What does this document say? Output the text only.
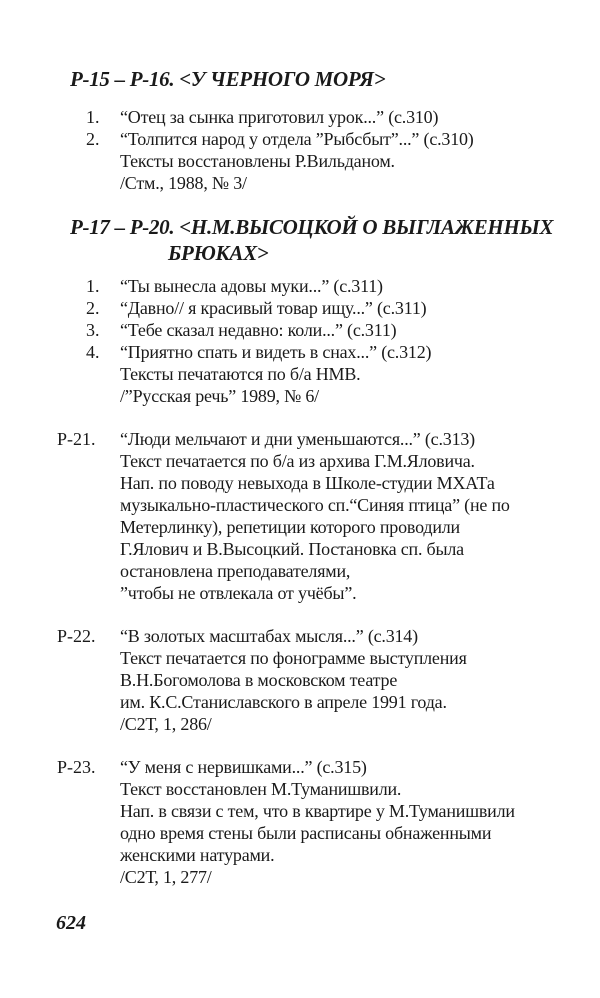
Р-15 – Р-16. <У ЧЕРНОГО МОРЯ>
1. “Отец за сынка приготовил урок...” (с.310)
2. “Толпится народ у отдела ”Рыбсбыт”...” (с.310)
Тексты восстановлены Р.Вильданом.
/Стм., 1988, № 3/
Р-17 – Р-20. <Н.М.ВЫСОЦКОЙ О ВЫГЛАЖЕННЫХ
БРЮКАХ>
1. “Ты вынесла адовы муки...” (с.311)
2. “Давно// я красивый товар ищу...” (с.311)
3. “Тебе сказал недавно: коли...” (с.311)
4. “Приятно спать и видеть в снах...” (с.312)
Тексты печатаются по б/а НМВ.
/”Русская речь” 1989, № 6/
Р-21. “Люди мельчают и дни уменьшаются...” (с.313)
Текст печатается по б/а из архива Г.М.Яловича.
Нап. по поводу невыхода в Школе-студии МХАТа
музыкально-пластического сп.“Синяя птица” (не по
Метерлинку), репетиции которого проводили
Г.Ялович и В.Высоцкий. Постановка сп. была
остановлена преподавателями,
”чтобы не отвлекала от учёбы”.
Р-22. “В золотых масштабах мысля...” (с.314)
Текст печатается по фонограмме выступления
В.Н.Богомолова в московском театре
им. К.С.Станиславского в апреле 1991 года.
/С2Т, 1, 286/
Р-23. “У меня с нервишками...” (с.315)
Текст восстановлен М.Туманишвили.
Нап. в связи с тем, что в квартире у М.Туманишвили
одно время стены были расписаны обнаженными
женскими натурами.
/С2Т, 1, 277/
624
